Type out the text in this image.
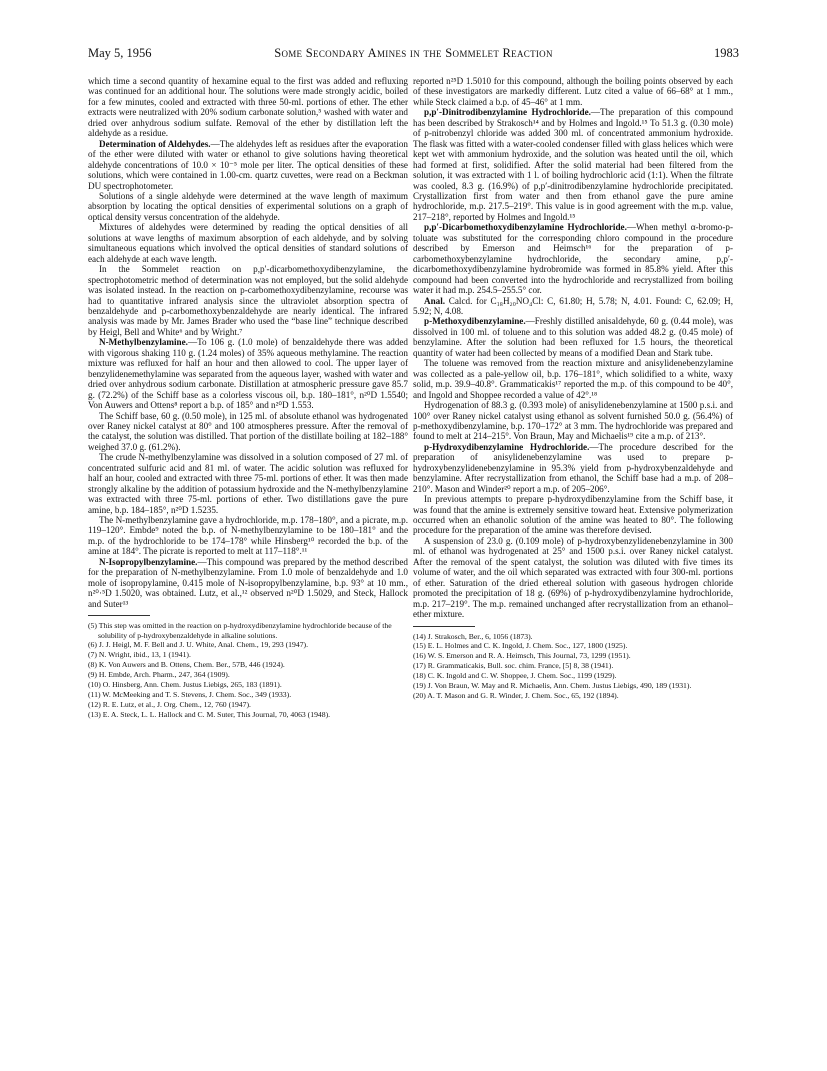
May 5, 1956	Some Secondary Amines in the Sommelet Reaction	1983

which time a second quantity of hexamine equal to the first was added and refluxing was continued for an additional hour. The solutions were made strongly acidic, boiled for a few minutes, cooled and extracted with three 50-ml. portions of ether. The ether extracts were neutralized with 20% sodium carbonate solution,⁵ washed with water and dried over anhydrous sodium sulfate. Removal of the ether by distillation left the aldehyde as a residue.

Determination of Aldehydes.—The aldehydes left as residues after the evaporation of the ether were diluted with water or ethanol to give solutions having theoretical aldehyde concentrations of 10.0 × 10⁻⁵ mole per liter. The optical densities of these solutions, which were contained in 1.00-cm. quartz cuvettes, were read on a Beckman DU spectrophotometer.

Solutions of a single aldehyde were determined at the wave length of maximum absorption by locating the optical densities of experimental solutions on a graph of optical density versus concentration of the aldehyde.

Mixtures of aldehydes were determined by reading the optical densities of all solutions at wave lengths of maximum absorption of each aldehyde, and by solving simultaneous equations which involved the optical densities of standard solutions of each aldehyde at each wave length.

In the Sommelet reaction on p,p′-dicarbomethoxydibenzylamine, the spectrophotometric method of determination was not employed, but the solid aldehyde was isolated instead. In the reaction on p-carbomethoxydibenzylamine, recourse was had to quantitative infrared analysis since the ultraviolet absorption spectra of benzaldehyde and p-carbomethoxybenzaldehyde are nearly identical. The infrared analysis was made by Mr. James Brader who used the “base line” technique described by Heigl, Bell and White⁶ and by Wright.⁷

N-Methylbenzylamine.—To 106 g. (1.0 mole) of benzaldehyde there was added with vigorous shaking 110 g. (1.24 moles) of 35% aqueous methylamine. The reaction mixture was refluxed for half an hour and then allowed to cool. The upper layer of benzylidenemethylamine was separated from the aqueous layer, washed with water and dried over anhydrous sodium carbonate. Distillation at atmospheric pressure gave 85.7 g. (72.2%) of the Schiff base as a colorless viscous oil, b.p. 180–181°, n²⁰D 1.5540; Von Auwers and Ottens⁸ report a b.p. of 185° and n²⁰D 1.553.

The Schiff base, 60 g. (0.50 mole), in 125 ml. of absolute ethanol was hydrogenated over Raney nickel catalyst at 80° and 100 atmospheres pressure. After the removal of the catalyst, the solution was distilled. That portion of the distillate boiling at 182–188° weighed 37.0 g. (61.2%).

The crude N-methylbenzylamine was dissolved in a solution composed of 27 ml. of concentrated sulfuric acid and 81 ml. of water. The acidic solution was refluxed for half an hour, cooled and extracted with three 75-ml. portions of ether. It was then made strongly alkaline by the addition of potassium hydroxide and the N-methylbenzylamine was extracted with three 75-ml. portions of ether. Two distillations gave the pure amine, b.p. 184–185°, n²⁰D 1.5235.

The N-methylbenzylamine gave a hydrochloride, m.p. 178–180°, and a picrate, m.p. 119–120°. Embde⁹ noted the b.p. of N-methylbenzylamine to be 180–181° and the m.p. of the hydrochloride to be 174–178° while Hinsberg¹⁰ recorded the b.p. of the amine at 184°. The picrate is reported to melt at 117–118°.¹¹

N-Isopropylbenzylamine.—This compound was prepared by the method described for the preparation of N-methylbenzylamine. From 1.0 mole of benzaldehyde and 1.0 mole of isopropylamine, 0.415 mole of N-isopropylbenzylamine, b.p. 93° at 10 mm., n²⁰·⁵D 1.5020, was obtained. Lutz, et al.,¹² observed n²⁰D 1.5029, and Steck, Hallock and Suter¹³

(5) This step was omitted in the reaction on p-hydroxydibenzylamine hydrochloride because of the solubility of p-hydroxybenzaldehyde in alkaline solutions.
(6) J. J. Heigl, M. F. Bell and J. U. White, Anal. Chem., 19, 293 (1947).
(7) N. Wright, ibid., 13, 1 (1941).
(8) K. Von Auwers and B. Ottens, Chem. Ber., 57B, 446 (1924).
(9) H. Embde, Arch. Pharm., 247, 364 (1909).
(10) O. Hinsberg, Ann. Chem. Justus Liebigs, 265, 183 (1891).
(11) W. McMeeking and T. S. Stevens, J. Chem. Soc., 349 (1933).
(12) R. E. Lutz, et al., J. Org. Chem., 12, 760 (1947).
(13) E. A. Steck, L. L. Hallock and C. M. Suter, This Journal, 70, 4063 (1948).

reported n²⁵D 1.5010 for this compound, although the boiling points observed by each of these investigators are markedly different. Lutz cited a value of 66–68° at 1 mm., while Steck claimed a b.p. of 45–46° at 1 mm.

p,p′-Dinitrodibenzylamine Hydrochloride.—The preparation of this compound has been described by Strakosch¹⁴ and by Holmes and Ingold.¹⁵ To 51.3 g. (0.30 mole) of p-nitrobenzyl chloride was added 300 ml. of concentrated ammonium hydroxide. The flask was fitted with a water-cooled condenser filled with glass helices which were kept wet with ammonium hydroxide, and the solution was heated until the oil, which had formed at first, solidified. After the solid material had been filtered from the solution, it was extracted with 1 l. of boiling hydrochloric acid (1:1). When the filtrate was cooled, 8.3 g. (16.9%) of p,p′-dinitrodibenzylamine hydrochloride precipitated. Crystallization first from water and then from ethanol gave the pure amine hydrochloride, m.p. 217.5–219°. This value is in good agreement with the m.p. value, 217–218°, reported by Holmes and Ingold.¹⁵

p,p′-Dicarbomethoxydibenzylamine Hydrochloride.—When methyl α-bromo-p-toluate was substituted for the corresponding chloro compound in the procedure described by Emerson and Heimsch¹⁶ for the preparation of p-carbomethoxybenzylamine hydrochloride, the secondary amine, p,p′-dicarbomethoxydibenzylamine hydrobromide was formed in 85.8% yield. After this compound had been converted into the hydrochloride and recrystallized from boiling water it had m.p. 254.5–255.5° cor.

Anal. Calcd. for C₁₈H₂₀NO₄Cl: C, 61.80; H, 5.78; N, 4.01. Found: C, 62.09; H, 5.92; N, 4.08.

p-Methoxydibenzylamine.—Freshly distilled anisaldehyde, 60 g. (0.44 mole), was dissolved in 100 ml. of toluene and to this solution was added 48.2 g. (0.45 mole) of benzylamine. After the solution had been refluxed for 1.5 hours, the theoretical quantity of water had been collected by means of a modified Dean and Stark tube.

The toluene was removed from the reaction mixture and anisylidenebenzylamine was collected as a pale-yellow oil, b.p. 176–181°, which solidified to a white, waxy solid, m.p. 39.9–40.8°. Grammaticakis¹⁷ reported the m.p. of this compound to be 40°, and Ingold and Shoppee recorded a value of 42°.¹⁸

Hydrogenation of 88.3 g. (0.393 mole) of anisylidenebenzylamine at 1500 p.s.i. and 100° over Raney nickel catalyst using ethanol as solvent furnished 50.0 g. (56.4%) of p-methoxydibenzylamine, b.p. 170–172° at 3 mm. The hydrochloride was prepared and found to melt at 214–215°. Von Braun, May and Michaelis¹⁹ cite a m.p. of 213°.

p-Hydroxydibenzylamine Hydrochloride.—The procedure described for the preparation of anisylidenebenzylamine was used to prepare p-hydroxybenzylidenebenzylamine in 95.3% yield from p-hydroxybenzaldehyde and benzylamine. After recrystallization from ethanol, the Schiff base had a m.p. of 208–210°. Mason and Winder²⁰ report a m.p. of 205–206°.

In previous attempts to prepare p-hydroxydibenzylamine from the Schiff base, it was found that the amine is extremely sensitive toward heat. Extensive polymerization occurred when an ethanolic solution of the amine was heated to 80°. The following procedure for the preparation of the amine was therefore devised.

A suspension of 23.0 g. (0.109 mole) of p-hydroxybenzylidenebenzylamine in 300 ml. of ethanol was hydrogenated at 25° and 1500 p.s.i. over Raney nickel catalyst. After the removal of the spent catalyst, the solution was diluted with five times its volume of water, and the oil which separated was extracted with four 300-ml. portions of ether. Saturation of the dried ethereal solution with gaseous hydrogen chloride promoted the precipitation of 18 g. (69%) of p-hydroxydibenzylamine hydrochloride, m.p. 217–219°. The m.p. remained unchanged after recrystallization from an ethanol–ether mixture.

(14) J. Strakosch, Ber., 6, 1056 (1873).
(15) E. L. Holmes and C. K. Ingold, J. Chem. Soc., 127, 1800 (1925).
(16) W. S. Emerson and R. A. Heimsch, This Journal, 73, 1299 (1951).
(17) R. Grammaticakis, Bull. soc. chim. France, [5] 8, 38 (1941).
(18) C. K. Ingold and C. W. Shoppee, J. Chem. Soc., 1199 (1929).
(19) J. Von Braun, W. May and R. Michaelis, Ann. Chem. Justus Liebigs, 490, 189 (1931).
(20) A. T. Mason and G. R. Winder, J. Chem. Soc., 65, 192 (1894).
